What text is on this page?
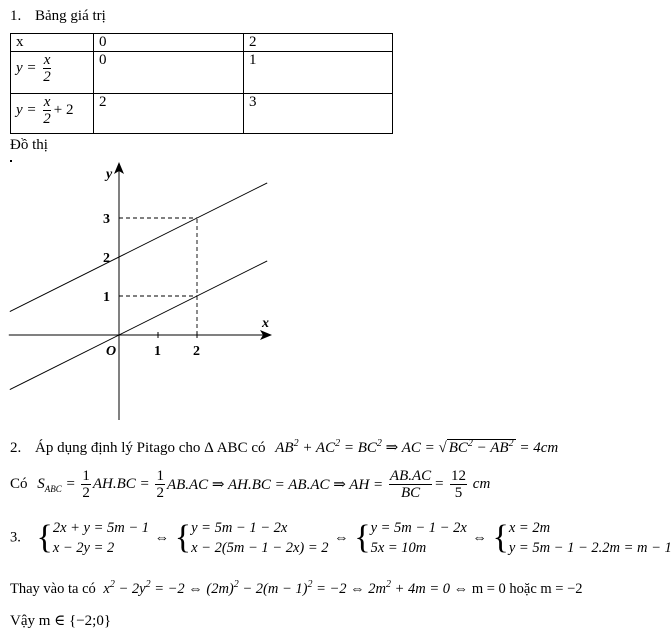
1. Bảng giá trị
x	0	2
$y = \frac{x}{2}$	0	1
$y = \frac{x}{2} + 2$	2	3
Đồ thị
1 2
1
2
3
O
x
y
2. Áp dụng định lý Pitago cho Δ ABC có $AB^2 + AC^2 = BC^2$ ⇒ AC = √ $BC^2 - AB^2 = 4cm$
Có $S_{ABC} = \frac{1}{2} AH.BC = \frac{1}{2} AB.AC$ ⇒ AH.BC = AB.AC ⇒ AH = $\frac{AB.AC}{BC} = \frac{12}{5}$ cm
3. { 2x + y = 5m − 1
x − 2y = 2
⇔ { y = 5m − 1 − 2x
x − 2(5m − 1 − 2x) = 2
⇔ { y = 5m − 1 − 2x
5x = 10m
⇔ { x = 2m
y = 5m − 1 − 2.2m = m − 1
Thay vào ta có $x^2 - 2y^2 = -2$ ⇔ $(2m)^2 - 2(m - 1)^2 = -2$ ⇔ $2m^2 + 4m = 0$ ⇔ m = 0 hoặc m = −2
Vậy m ∈ {−2;0}
